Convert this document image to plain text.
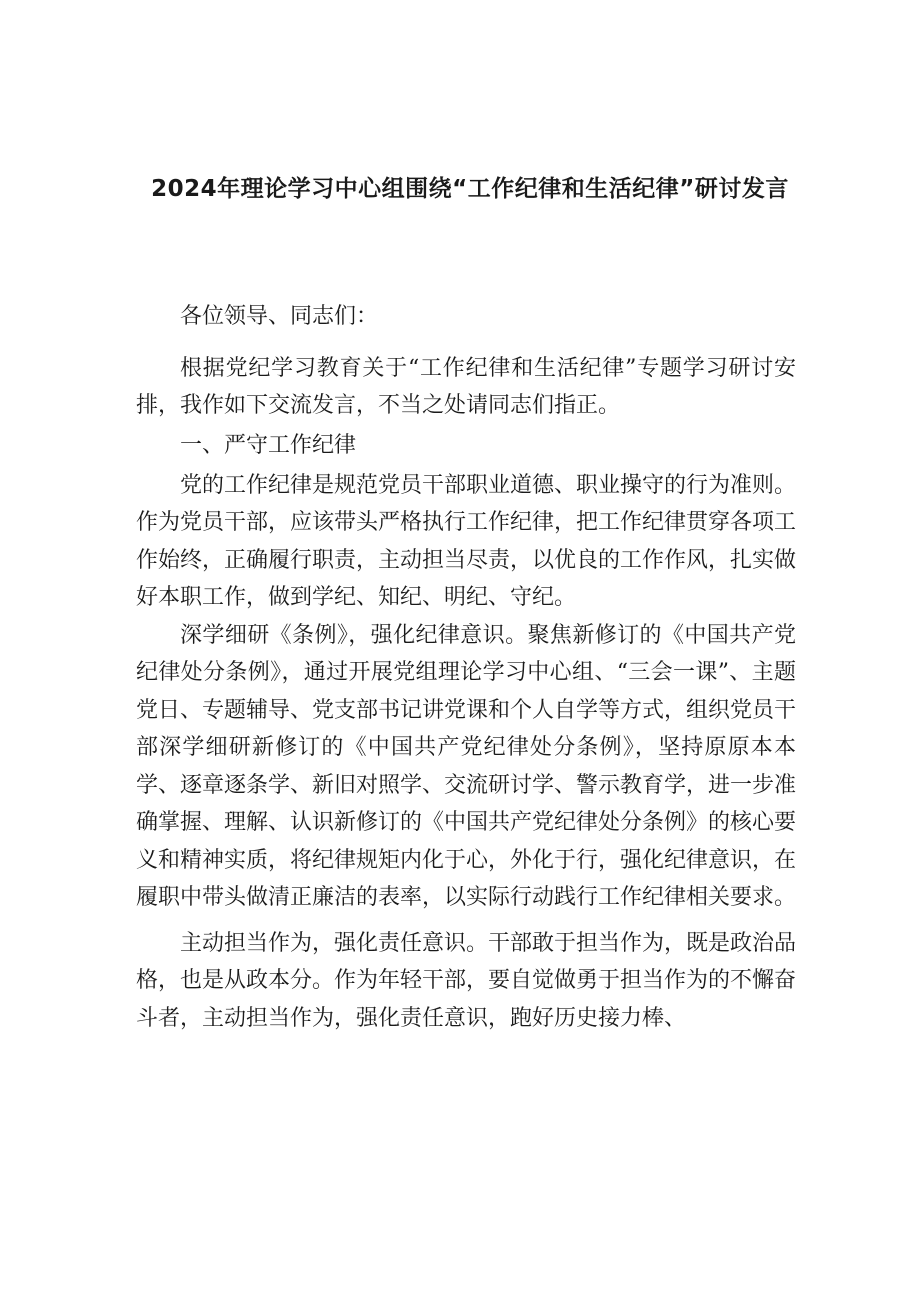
2024年理论学习中心组围绕“工作纪律和生活纪律”研讨发言

各位领导、同志们：

根据党纪学习教育关于“工作纪律和生活纪律”专题学习研讨安排，我作如下交流发言，不当之处请同志们指正。

一、严守工作纪律

党的工作纪律是规范党员干部职业道德、职业操守的行为准则。作为党员干部，应该带头严格执行工作纪律，把工作纪律贯穿各项工作始终，正确履行职责，主动担当尽责，以优良的工作作风，扎实做好本职工作，做到学纪、知纪、明纪、守纪。

深学细研《条例》，强化纪律意识。聚焦新修订的《中国共产党纪律处分条例》，通过开展党组理论学习中心组、“三会一课”、主题党日、专题辅导、党支部书记讲党课和个人自学等方式，组织党员干部深学细研新修订的《中国共产党纪律处分条例》，坚持原原本本学、逐章逐条学、新旧对照学、交流研讨学、警示教育学，进一步准确掌握、理解、认识新修订的《中国共产党纪律处分条例》的核心要义和精神实质，将纪律规矩内化于心，外化于行，强化纪律意识，在履职中带头做清正廉洁的表率，以实际行动践行工作纪律相关要求。

主动担当作为，强化责任意识。干部敢于担当作为，既是政治品格，也是从政本分。作为年轻干部，要自觉做勇于担当作为的不懈奋斗者，主动担当作为，强化责任意识，跑好历史接力棒、
